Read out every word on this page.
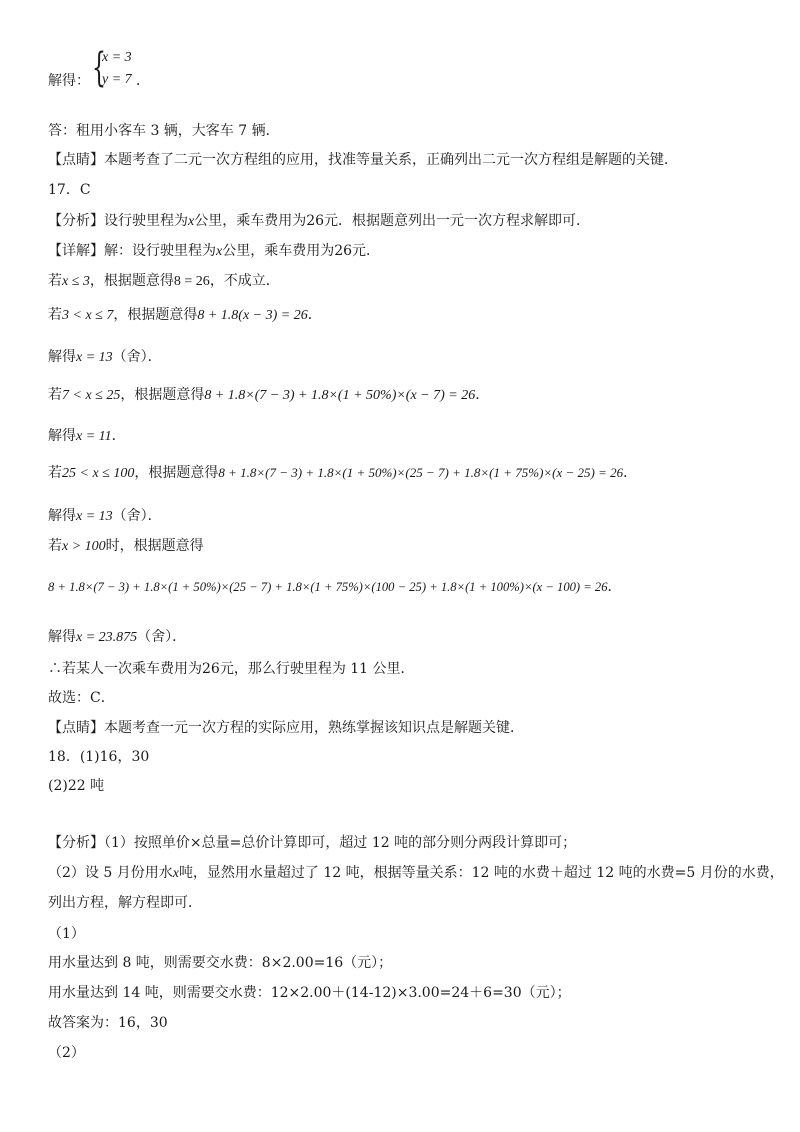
解得： {
x = 3
y = 7 ．
答：租用小客车 3 辆，大客车 7 辆．
【点睛】本题考查了二元一次方程组的应用，找准等量关系，正确列出二元一次方程组是解题的关键．
17．C
【分析】设行驶里程为x公里，乘车费用为26元．根据题意列出一元一次方程求解即可．
【详解】解：设行驶里程为x公里，乘车费用为26元．
若x ≤ 3，根据题意得8 = 26，不成立．
若3 < x ≤ 7，根据题意得8 + 1.8(x − 3) = 26．
解得x = 13（舍）．
若7 < x ≤ 25，根据题意得8 + 1.8×(7 − 3) + 1.8×(1 + 50%)×(x − 7) = 26．
解得x = 11．
若25 < x ≤ 100，根据题意得8 + 1.8×(7 − 3) + 1.8×(1 + 50%)×(25 − 7) + 1.8×(1 + 75%)×(x − 25) = 26．
解得x = 13（舍）．
若x > 100时，根据题意得
8 + 1.8×(7 − 3) + 1.8×(1 + 50%)×(25 − 7) + 1.8×(1 + 75%)×(100 − 25) + 1.8×(1 + 100%)×(x − 100) = 26．
解得x = 23.875（舍）．
∴若某人一次乘车费用为26元，那么行驶里程为 11 公里．
故选：C．
【点睛】本题考查一元一次方程的实际应用，熟练掌握该知识点是解题关键．
18．(1)16，30
(2)22 吨
【分析】（1）按照单价×总量=总价计算即可，超过 12 吨的部分则分两段计算即可；
（2）设 5 月份用水x吨，显然用水量超过了 12 吨，根据等量关系：12 吨的水费＋超过 12 吨的水费=5 月份的水费，
列出方程，解方程即可．
（1）
用水量达到 8 吨，则需要交水费：8×2.00=16（元）；
用水量达到 14 吨，则需要交水费：12×2.00＋(14-12)×3.00=24＋6=30（元）；
故答案为：16，30
（2）
